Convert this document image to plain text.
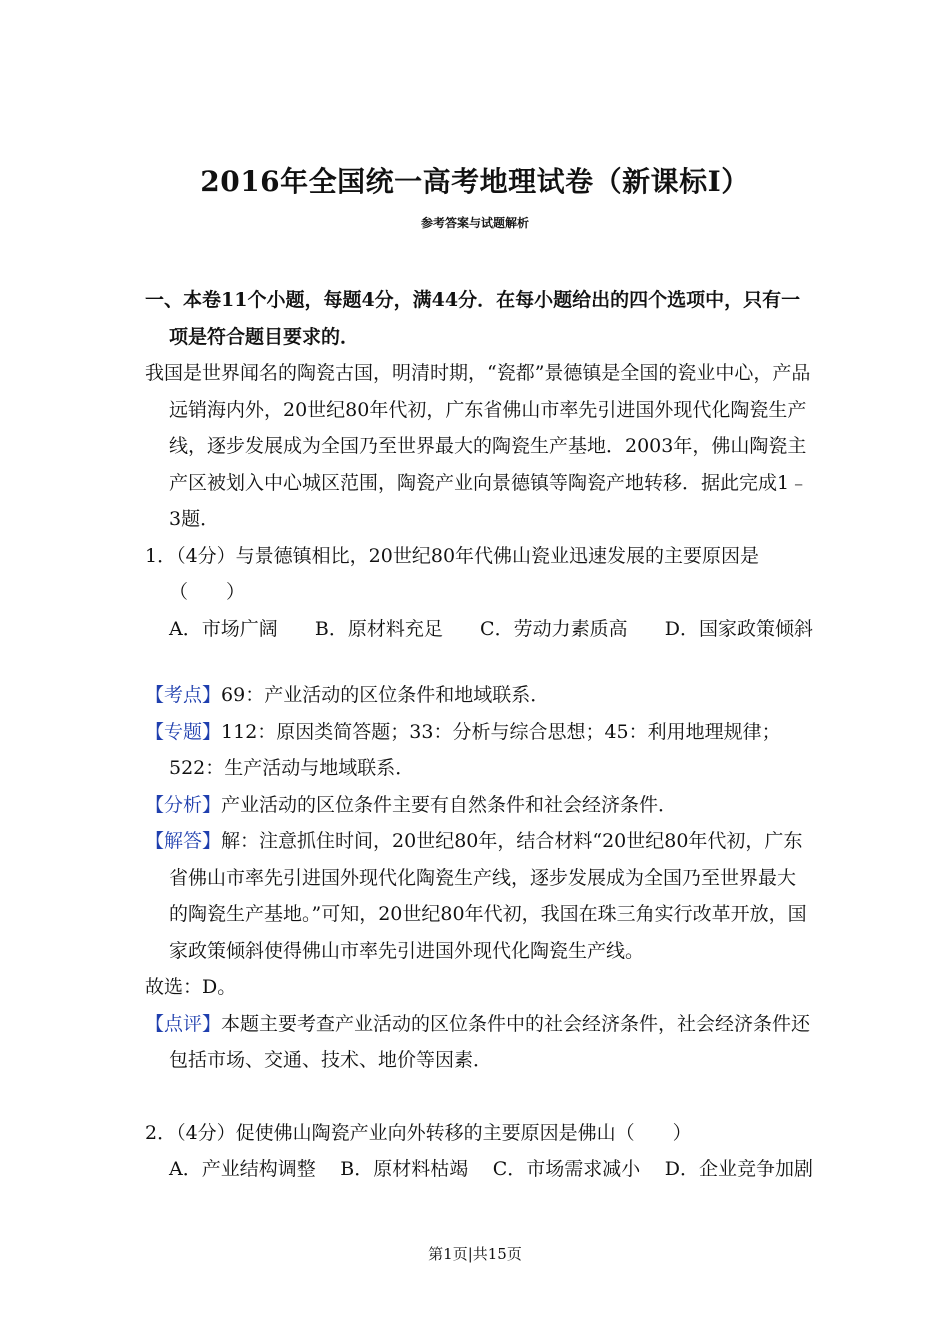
2016年全国统一高考地理试卷（新课标I）
参考答案与试题解析

一、本卷11个小题，每题4分，满44分．在每小题给出的四个选项中，只有一项是符合题目要求的．

我国是世界闻名的陶瓷古国，明清时期，“瓷都”景德镇是全国的瓷业中心，产品远销海内外，20世纪80年代初，广东省佛山市率先引进国外现代化陶瓷生产线，逐步发展成为全国乃至世界最大的陶瓷生产基地．2003年，佛山陶瓷主产区被划入中心城区范围，陶瓷产业向景德镇等陶瓷产地转移．据此完成1﹣3题．

1．（4分）与景德镇相比，20世纪80年代佛山瓷业迅速发展的主要原因是（　　）

A．市场广阔 B．原材料充足 C．劳动力素质高 D．国家政策倾斜

【考点】69：产业活动的区位条件和地域联系．

【专题】112：原因类简答题；33：分析与综合思想；45：利用地理规律；522：生产活动与地域联系．

【分析】产业活动的区位条件主要有自然条件和社会经济条件．

【解答】解：注意抓住时间，20世纪80年，结合材料“20世纪80年代初，广东省佛山市率先引进国外现代化陶瓷生产线，逐步发展成为全国乃至世界最大的陶瓷生产基地。”可知，20世纪80年代初，我国在珠三角实行改革开放，国家政策倾斜使得佛山市率先引进国外现代化陶瓷生产线。

故选：D。

【点评】本题主要考查产业活动的区位条件中的社会经济条件，社会经济条件还包括市场、交通、技术、地价等因素．

2．（4分）促使佛山陶瓷产业向外转移的主要原因是佛山（　　）

A．产业结构调整 B．原材料枯竭 C．市场需求减小 D．企业竞争加剧
第1页|共15页
